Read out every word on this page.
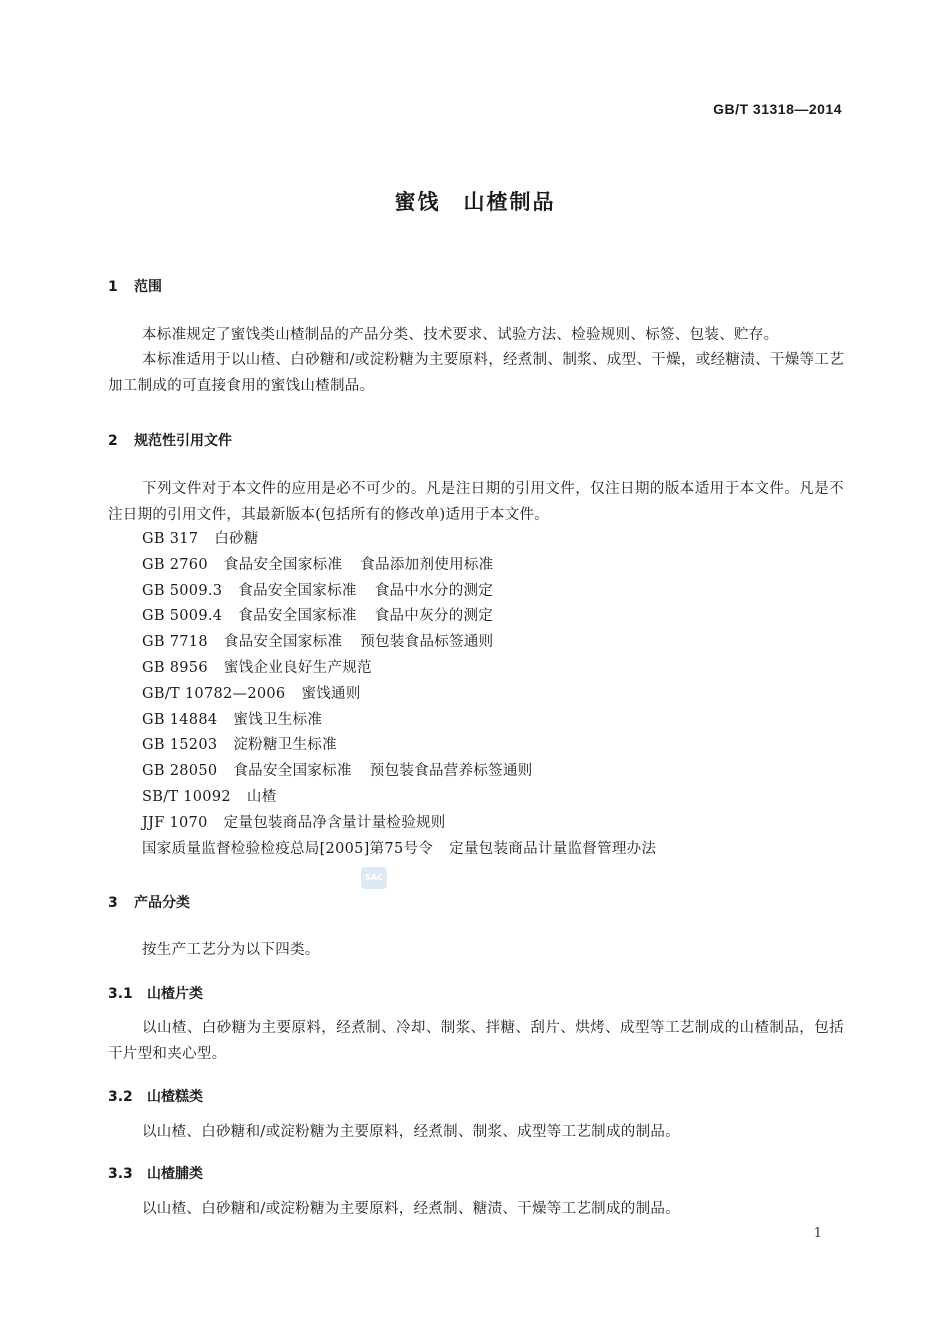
GB/T 31318—2014
蜜饯　山楂制品
1 范围
本标准规定了蜜饯类山楂制品的产品分类、技术要求、试验方法、检验规则、标签、包装、贮存。
本标准适用于以山楂、白砂糖和/或淀粉糖为主要原料，经煮制、制浆、成型、干燥，或经糖渍、干燥等工艺加工制成的可直接食用的蜜饯山楂制品。
2 规范性引用文件
下列文件对于本文件的应用是必不可少的。凡是注日期的引用文件，仅注日期的版本适用于本文件。凡是不注日期的引用文件，其最新版本(包括所有的修改单)适用于本文件。
GB 317 白砂糖
GB 2760 食品安全国家标准 食品添加剂使用标准
GB 5009.3 食品安全国家标准 食品中水分的测定
GB 5009.4 食品安全国家标准 食品中灰分的测定
GB 7718 食品安全国家标准 预包装食品标签通则
GB 8956 蜜饯企业良好生产规范
GB/T 10782—2006 蜜饯通则
GB 14884 蜜饯卫生标准
GB 15203 淀粉糖卫生标准
GB 28050 食品安全国家标准 预包装食品营养标签通则
SB/T 10092 山楂
JJF 1070 定量包装商品净含量计量检验规则
国家质量监督检验检疫总局[2005]第75号令 定量包装商品计量监督管理办法
SAC
3 产品分类
按生产工艺分为以下四类。
3.1 山楂片类
以山楂、白砂糖为主要原料，经煮制、冷却、制浆、拌糖、刮片、烘烤、成型等工艺制成的山楂制品，包括干片型和夹心型。
3.2 山楂糕类
以山楂、白砂糖和/或淀粉糖为主要原料，经煮制、制浆、成型等工艺制成的制品。
3.3 山楂脯类
以山楂、白砂糖和/或淀粉糖为主要原料，经煮制、糖渍、干燥等工艺制成的制品。
1
